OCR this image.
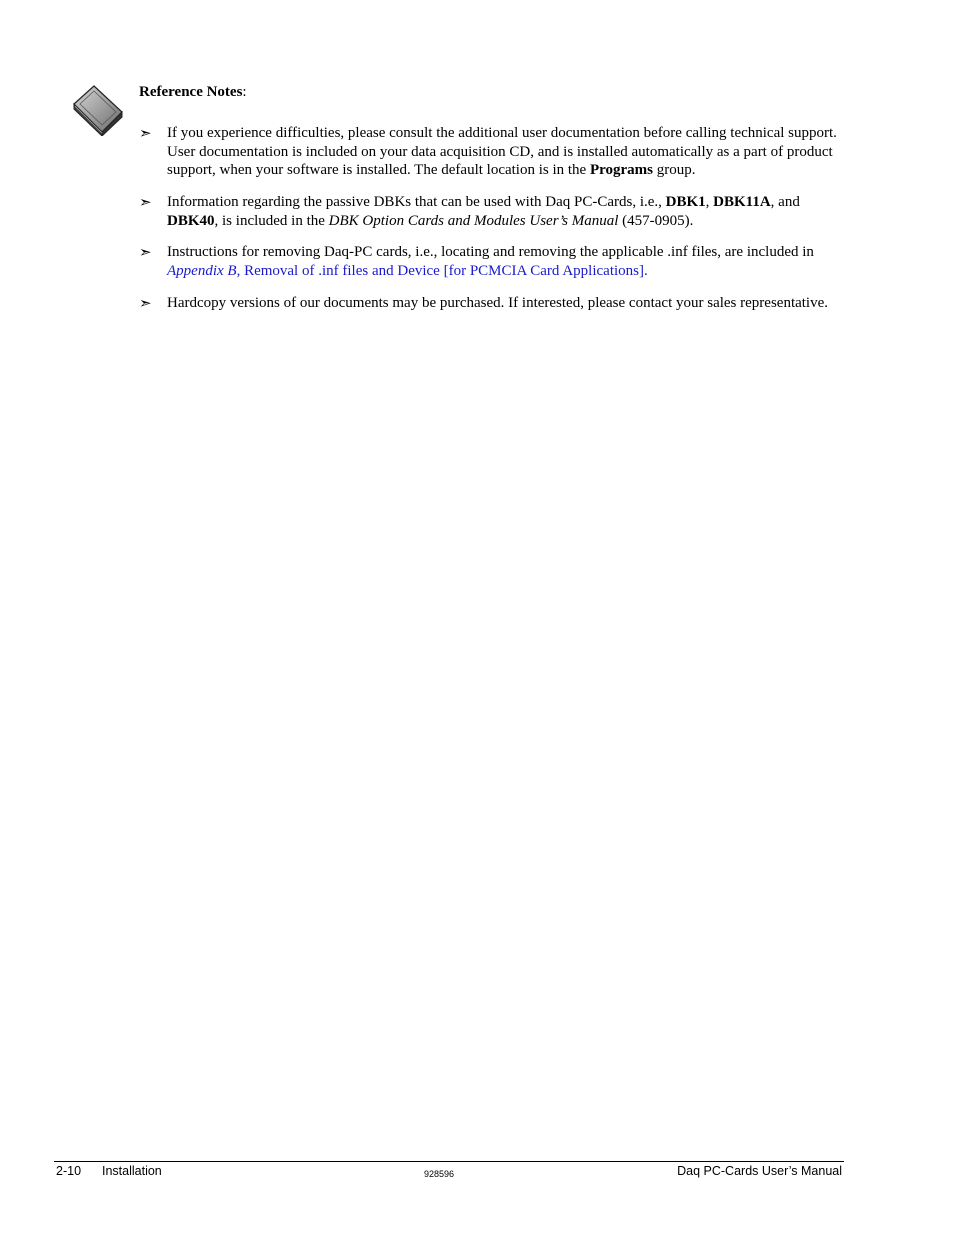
Reference Notes:
➣	If you experience difficulties, please consult the additional user documentation before calling technical support. User documentation is included on your data acquisition CD, and is installed automatically as a part of product support, when your software is installed. The default location is in the Programs group.
➣	Information regarding the passive DBKs that can be used with Daq PC-Cards, i.e., DBK1, DBK11A, and DBK40, is included in the DBK Option Cards and Modules User’s Manual (457-0905).
➣	Instructions for removing Daq-PC cards, i.e., locating and removing the applicable .inf files, are included in Appendix B, Removal of .inf files and Device [for PCMCIA Card Applications].
➣	Hardcopy versions of our documents may be purchased. If interested, please contact your sales representative.
2-10 Installation	928596	Daq PC-Cards User’s Manual
